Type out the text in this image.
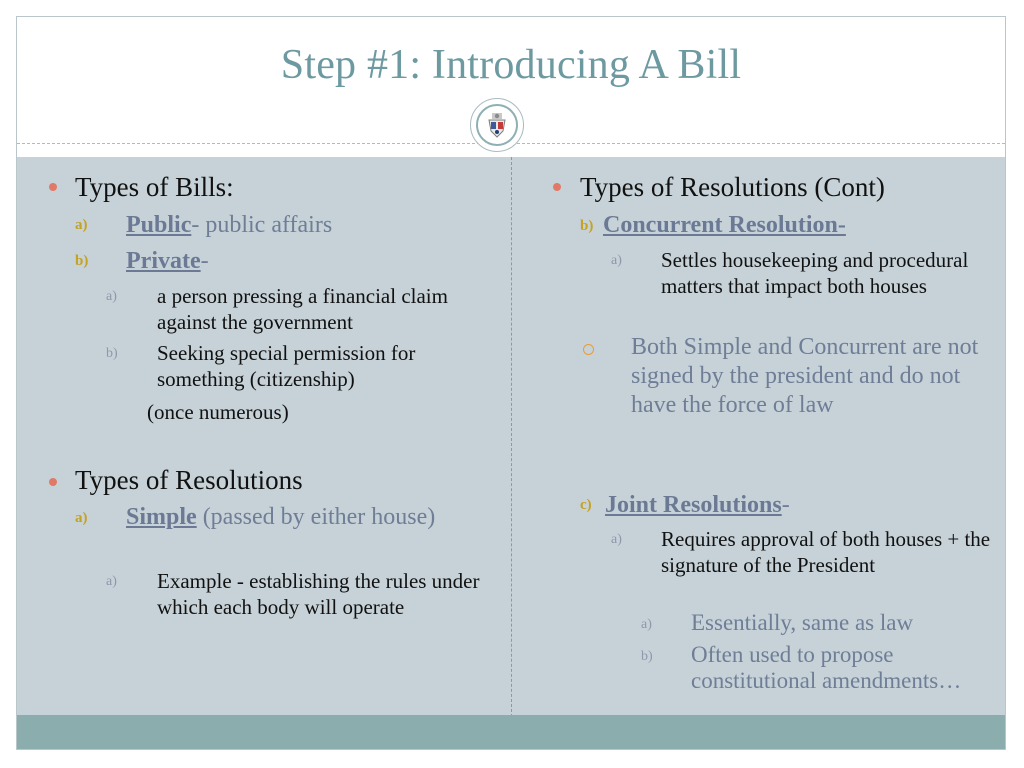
Step #1: Introducing A Bill
Types of Bills:
a) Public- public affairs
b) Private-
a) a person pressing a financial claim against the government
b) Seeking special permission for something (citizenship)
(once numerous)
Types of Resolutions
a) Simple (passed by either house)
a) Example - establishing the rules under which each body will operate
Types of Resolutions (Cont)
b) Concurrent Resolution-
a) Settles housekeeping and procedural matters that impact both houses
Both Simple and Concurrent are not signed by the president and do not have the force of law
c) Joint Resolutions-
a) Requires approval of both houses + the signature of the President
a) Essentially, same as law
b) Often used to propose constitutional amendments…
